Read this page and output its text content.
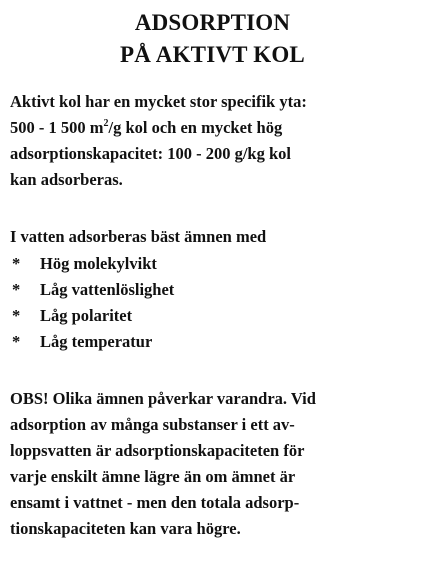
ADSORPTION
PÅ AKTIVT KOL
Aktivt kol har en mycket stor specifik yta:
500 - 1 500 $m^2/g$ kol och en mycket hög
adsorptionskapacitet: 100 - 200 g/kg kol
kan adsorberas.
I vatten adsorberas bäst ämnen med
* Hög molekylvikt
* Låg vattenlöslighet
* Låg polaritet
* Låg temperatur
OBS! Olika ämnen påverkar varandra. Vid
adsorption av många substanser i ett av-
loppsvatten är adsorptionskapaciteten för
varje enskilt ämne lägre än om ämnet är
ensamt i vattnet - men den totala adsorp-
tionskapaciteten kan vara högre.
